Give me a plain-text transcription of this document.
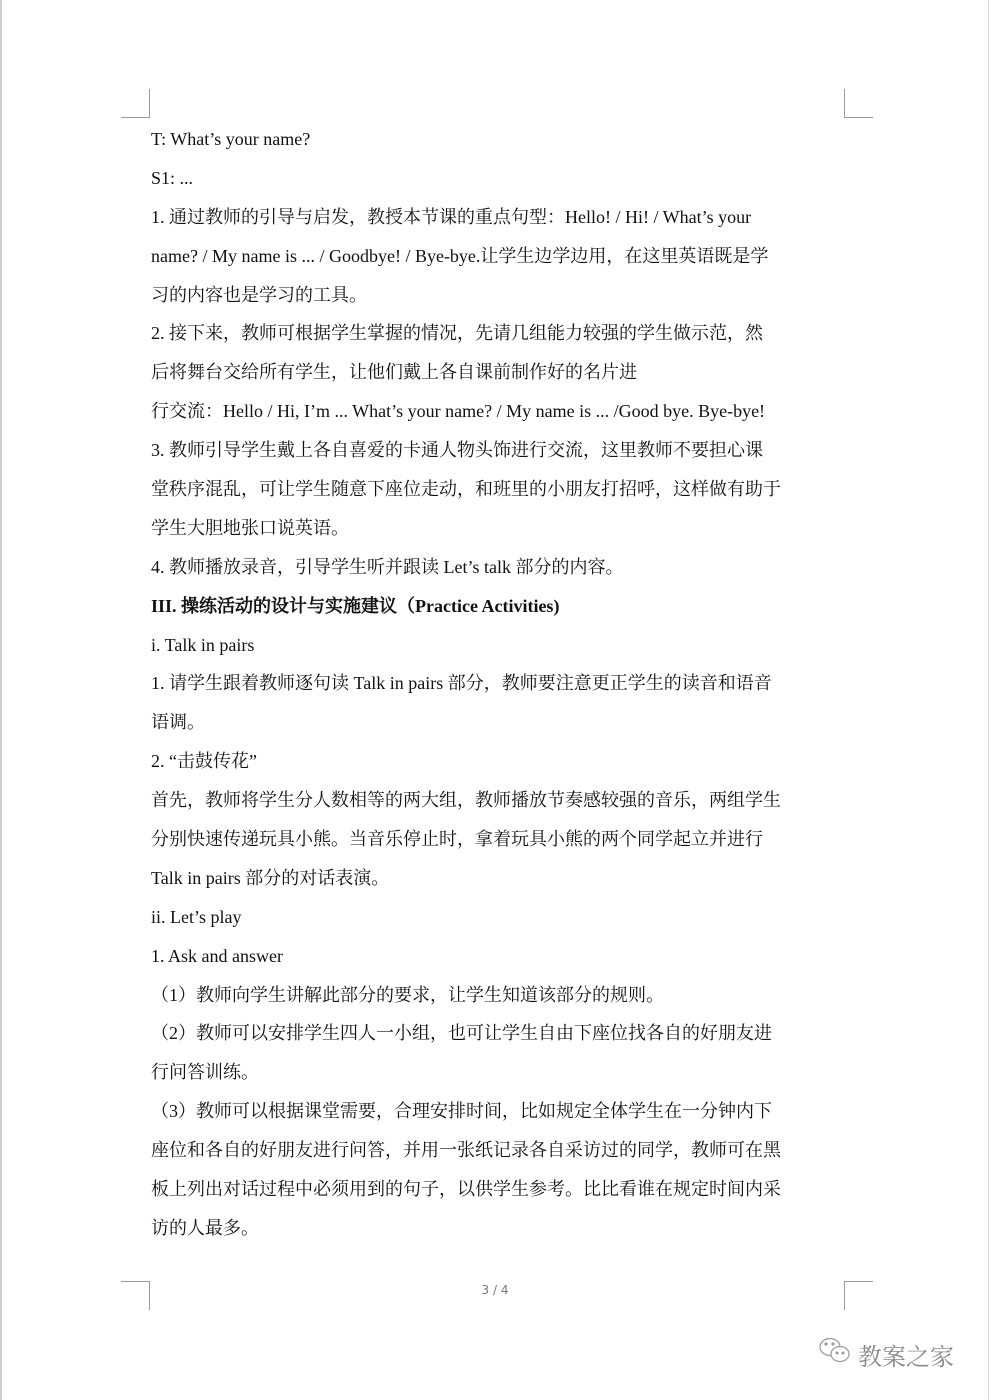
T: What’s your name?
S1: ...
1. 通过教师的引导与启发，教授本节课的重点句型：Hello! / Hi! / What’s your
name? / My name is ... / Goodbye! / Bye-bye.让学生边学边用，在这里英语既是学
习的内容也是学习的工具。
2. 接下来，教师可根据学生掌握的情况，先请几组能力较强的学生做示范，然
后将舞台交给所有学生，让他们戴上各自课前制作好的名片进
行交流：Hello / Hi, I’m ... What’s your name? / My name is ... /Good bye. Bye-bye!
3. 教师引导学生戴上各自喜爱的卡通人物头饰进行交流，这里教师不要担心课
堂秩序混乱，可让学生随意下座位走动，和班里的小朋友打招呼，这样做有助于
学生大胆地张口说英语。
4. 教师播放录音，引导学生听并跟读 Let’s talk 部分的内容。
III. 操练活动的设计与实施建议（Practice Activities)
i. Talk in pairs
1. 请学生跟着教师逐句读 Talk in pairs 部分，教师要注意更正学生的读音和语音
语调。
2. “击鼓传花”
首先，教师将学生分人数相等的两大组，教师播放节奏感较强的音乐，两组学生
分别快速传递玩具小熊。当音乐停止时，拿着玩具小熊的两个同学起立并进行
Talk in pairs 部分的对话表演。
ii. Let’s play
1. Ask and answer
（1）教师向学生讲解此部分的要求，让学生知道该部分的规则。
（2）教师可以安排学生四人一小组，也可让学生自由下座位找各自的好朋友进
行问答训练。
（3）教师可以根据课堂需要，合理安排时间，比如规定全体学生在一分钟内下
座位和各自的好朋友进行问答，并用一张纸记录各自采访过的同学，教师可在黑
板上列出对话过程中必须用到的句子，以供学生参考。比比看谁在规定时间内采
访的人最多。
3 / 4
教案之家
